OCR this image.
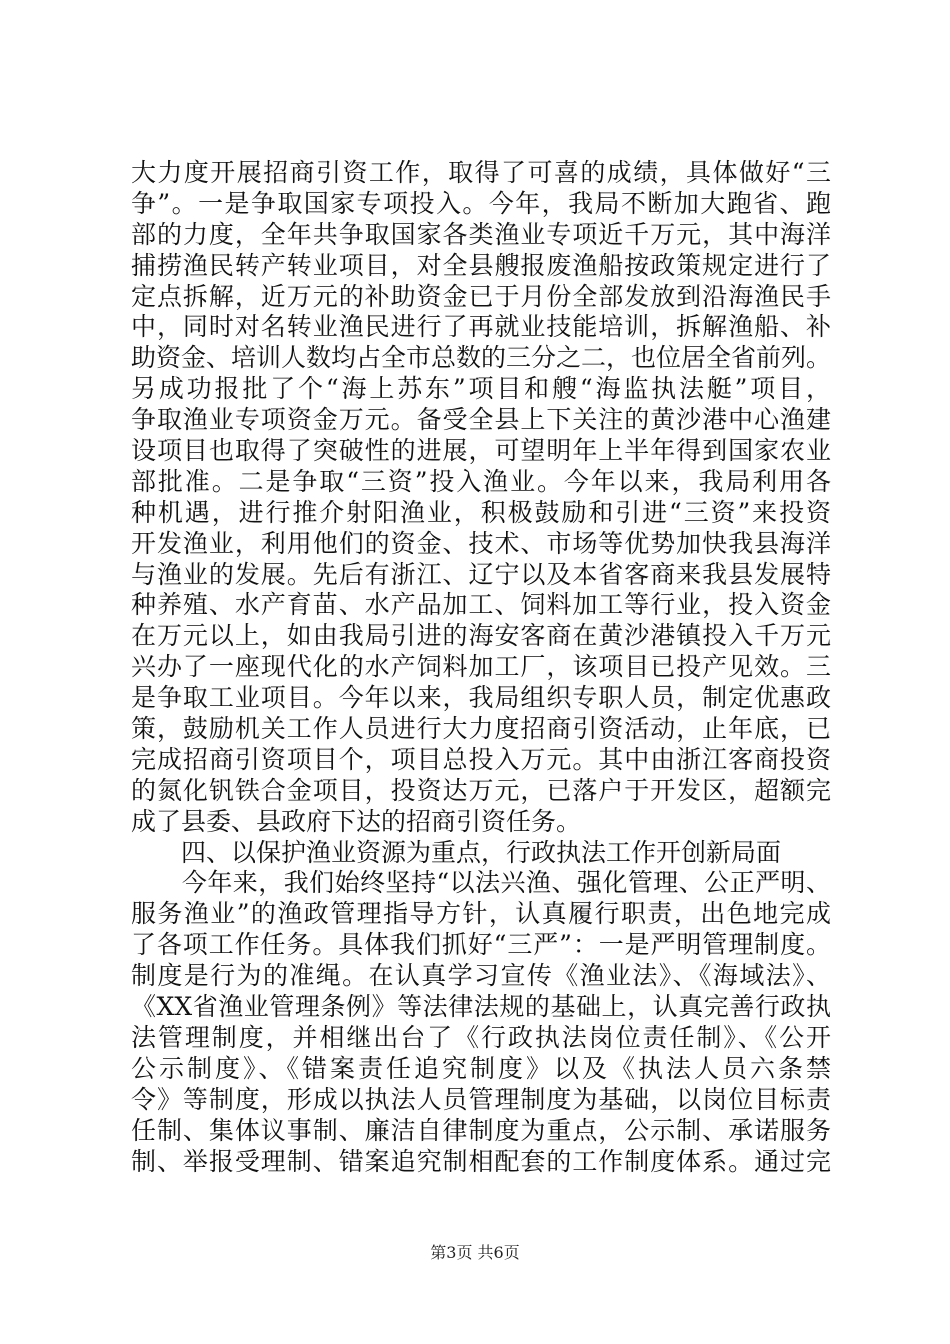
大力度开展招商引资工作，取得了可喜的成绩，具体做好“三
争”。一是争取国家专项投入。今年，我局不断加大跑省、跑
部的力度，全年共争取国家各类渔业专项近千万元，其中海洋
捕捞渔民转产转业项目，对全县艘报废渔船按政策规定进行了
定点拆解，近万元的补助资金已于月份全部发放到沿海渔民手
中，同时对名转业渔民进行了再就业技能培训，拆解渔船、补
助资金、培训人数均占全市总数的三分之二，也位居全省前列。
另成功报批了个“海上苏东”项目和艘“海监执法艇”项目，
争取渔业专项资金万元。备受全县上下关注的黄沙港中心渔建
设项目也取得了突破性的进展，可望明年上半年得到国家农业
部批准。二是争取“三资”投入渔业。今年以来，我局利用各
种机遇，进行推介射阳渔业，积极鼓励和引进“三资”来投资
开发渔业，利用他们的资金、技术、市场等优势加快我县海洋
与渔业的发展。先后有浙江、辽宁以及本省客商来我县发展特
种养殖、水产育苗、水产品加工、饲料加工等行业，投入资金
在万元以上，如由我局引进的海安客商在黄沙港镇投入千万元
兴办了一座现代化的水产饲料加工厂，该项目已投产见效。三
是争取工业项目。今年以来，我局组织专职人员，制定优惠政
策，鼓励机关工作人员进行大力度招商引资活动，止年底，已
完成招商引资项目个，项目总投入万元。其中由浙江客商投资
的氮化钒铁合金项目，投资达万元，已落户于开发区，超额完
成了县委、县政府下达的招商引资任务。
　　四、以保护渔业资源为重点，行政执法工作开创新局面
　　今年来，我们始终坚持“以法兴渔、强化管理、公正严明、
服务渔业”的渔政管理指导方针，认真履行职责，出色地完成
了各项工作任务。具体我们抓好“三严”：一是严明管理制度。
制度是行为的准绳。在认真学习宣传《渔业法》、《海域法》、
《XX省渔业管理条例》等法律法规的基础上，认真完善行政执
法管理制度，并相继出台了《行政执法岗位责任制》、《公开
公示制度》、《错案责任追究制度》以及《执法人员六条禁
令》等制度，形成以执法人员管理制度为基础，以岗位目标责
任制、集体议事制、廉洁自律制度为重点，公示制、承诺服务
制、举报受理制、错案追究制相配套的工作制度体系。通过完
第3页 共6页
